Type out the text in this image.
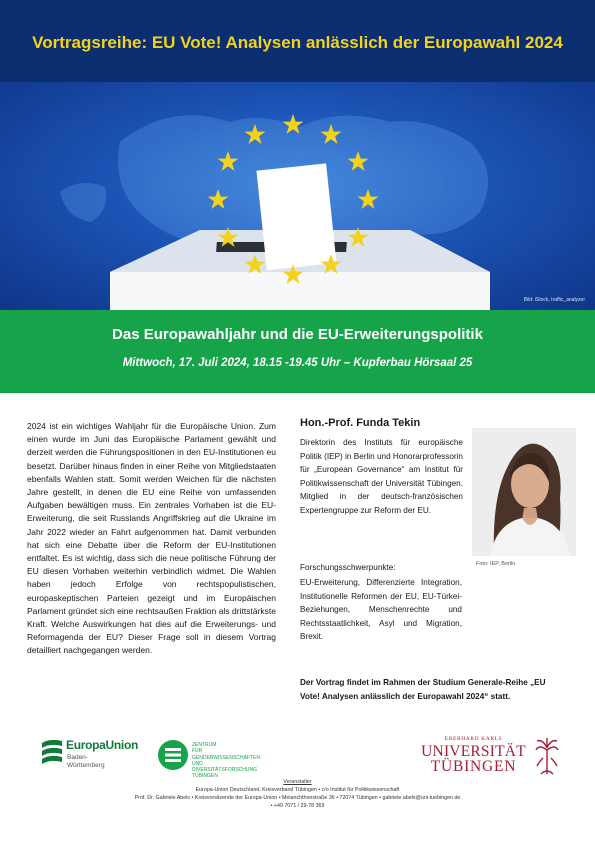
Vortragsreihe: EU Vote! Analysen anlässlich der Europawahl 2024
Bild: iStock, traffic_analyzer
Das Europawahljahr und die EU-Erweiterungspolitik
Mittwoch, 17. Juli 2024, 18.15 -19.45 Uhr – Kupferbau Hörsaal 25
2024 ist ein wichtiges Wahljahr für die Europäische Union. Zum einen wurde im Juni das Europäische Parlament gewählt und derzeit werden die Führungspositionen in den EU-Institutionen eu besetzt. Darüber hinaus finden in einer Reihe von Mitgliedstaaten ebenfalls Wahlen statt. Somit werden Weichen für die nächsten Jahre gestellt, in denen die EU eine Reihe von umfassenden Aufgaben bewältigen muss. Ein zentrales Vorhaben ist die EU-Erweiterung, die seit Russlands Angriffskrieg auf die Ukraine im Jahr 2022 wieder an Fahrt aufgenommen hat. Damit verbunden hat sich eine Debatte über die Reform der EU-Institutionen entfaltet. Es ist wichtig, dass sich die neue politische Führung der EU diesen Vorhaben weiterhin verbindlich widmet. Die Wahlen haben jedoch Erfolge von rechtspopulistischen, europaskeptischen Parteien gezeigt und im Europäischen Parlament gründet sich eine rechtsaußen Fraktion als drittstärkste Kraft. Welche Auswirkungen hat dies auf die Erweiterungs- und Reformagenda der EU? Dieser Frage soll in diesem Vortrag detailliert nachgegangen werden.
Hon.-Prof. Funda Tekin
Direktorin des Instituts für europäische Politik (IEP) in Berlin und Honorarprofessorin für „European Governance“ am Institut für Politikwissenschaft der Universität Tübingen. Mitglied in der deutsch-französischen Expertengruppe zur Reform der EU.
Foto: IEP, Berlin
Forschungsschwerpunkte:
EU-Erweiterung, Differenzierte Integration, Institutionelle Reformen der EU, EU-Türkei-Beziehungen, Menschenrechte und Rechtsstaatlichkeit, Asyl und Migration, Brexit.
Der Vortrag findet im Rahmen der Studium Generale-Reihe „EU Vote! Analysen anlässlich der Europawahl 2024“ statt.
EuropaUnion
Baden-
Württemberg
ZENTRUM
FÜR GENDERWISSENSCHAFTEN
UND DIVERSITÄTSFORSCHUNG
TÜBINGEN
EBERHARD KARLS
UNIVERSITÄT
TÜBINGEN
Veranstalter
Europa-Union Deutschland, Kreisverband Tübingen • c/o Institut für Politikwissenschaft
Prof. Dr. Gabriele Abels • Kreisvorsitzende der Europa-Union • Melanchthonstraße 36 • 72074 Tübingen • gabriele.abels@uni-tuebingen.de
• +49 7071 / 29-78 369
